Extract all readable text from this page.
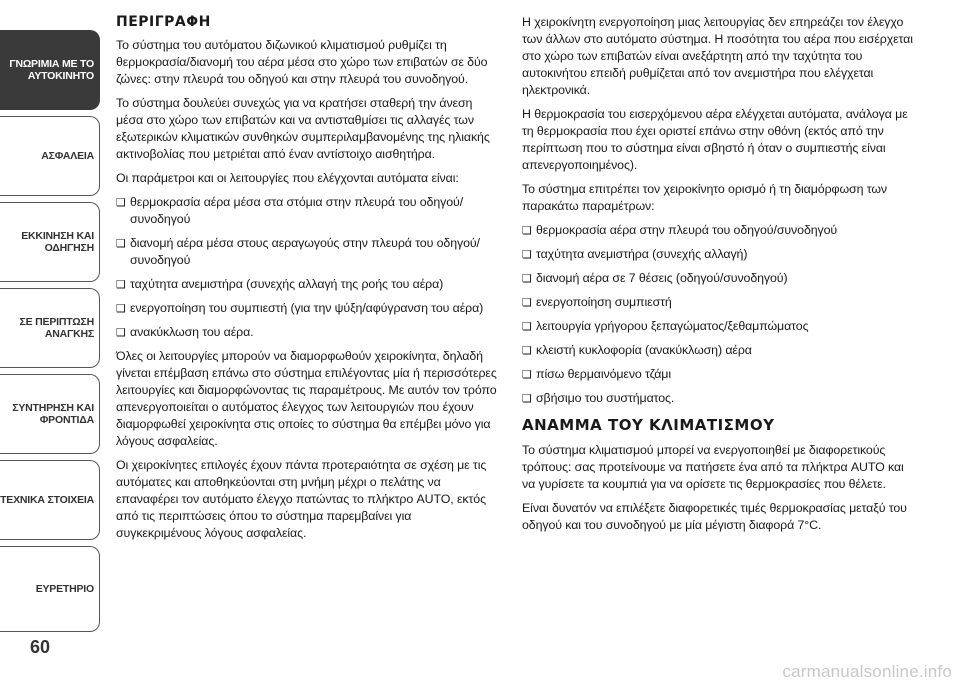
ΓΝΩΡΙΜΙΑ ΜΕ ΤΟ
ΑΥΤΟΚΙΝΗΤΟ
ΑΣΦΑΛΕΙΑ
ΕΚΚΙΝΗΣΗ ΚΑΙ
ΟΔΗΓΗΣΗ
ΣΕ ΠΕΡΙΠΤΩΣΗ
ΑΝΑΓΚΗΣ
ΣΥΝΤΗΡΗΣΗ ΚΑΙ
ΦΡΟΝΤΙΔΑ
ΤΕΧΝΙΚΑ ΣΤΟΙΧΕΙΑ
ΕΥΡΕΤΗΡΙΟ
60
ΠΕΡΙΓΡΑΦΗ

Το σύστημα του αυτόματου διζωνικού κλιματισμού ρυθμίζει τη θερμοκρασία/διανομή του αέρα μέσα στο χώρο των επιβατών σε δύο ζώνες: στην πλευρά του οδηγού και στην πλευρά του συνοδηγού.

Το σύστημα δουλεύει συνεχώς για να κρατήσει σταθερή την άνεση μέσα στο χώρο των επιβατών και να αντισταθμίσει τις αλλαγές των εξωτερικών κλιματικών συνθηκών συμπεριλαμβανομένης της ηλιακής ακτινοβολίας που μετριέται από έναν αντίστοιχο αισθητήρα.

Οι παράμετροι και οι λειτουργίες που ελέγχονται αυτόματα είναι:

❑ θερμοκρασία αέρα μέσα στα στόμια στην πλευρά του οδηγού/ συνοδηγού
❑ διανομή αέρα μέσα στους αεραγωγούς στην πλευρά του οδηγού/συνοδηγού
❑ ταχύτητα ανεμιστήρα (συνεχής αλλαγή της ροής του αέρα)
❑ ενεργοποίηση του συμπιεστή (για την ψύξη/αφύγρανση του αέρα)
❑ ανακύκλωση του αέρα.

Όλες οι λειτουργίες μπορούν να διαμορφωθούν χειροκίνητα, δηλαδή γίνεται επέμβαση επάνω στο σύστημα επιλέγοντας μία ή περισσότερες λειτουργίες και διαμορφώνοντας τις παραμέτρους. Με αυτόν τον τρόπο απενεργοποιείται ο αυτόματος έλεγχος των λειτουργιών που έχουν διαμορφωθεί χειροκίνητα στις οποίες το σύστημα θα επέμβει μόνο για λόγους ασφαλείας.

Οι χειροκίνητες επιλογές έχουν πάντα προτεραιότητα σε σχέση με τις αυτόματες και αποθηκεύονται στη μνήμη μέχρι ο πελάτης να επαναφέρει τον αυτόματο έλεγχο πατώντας το πλήκτρο AUTO, εκτός από τις περιπτώσεις όπου το σύστημα παρεμβαίνει για συγκεκριμένους λόγους ασφαλείας.

Η χειροκίνητη ενεργοποίηση μιας λειτουργίας δεν επηρεάζει τον έλεγχο των άλλων στο αυτόματο σύστημα. Η ποσότητα του αέρα που εισέρχεται στο χώρο των επιβατών είναι ανεξάρτητη από την ταχύτητα του αυτοκινήτου επειδή ρυθμίζεται από τον ανεμιστήρα που ελέγχεται ηλεκτρονικά.

Η θερμοκρασία του εισερχόμενου αέρα ελέγχεται αυτόματα, ανάλογα με τη θερμοκρασία που έχει οριστεί επάνω στην οθόνη (εκτός από την περίπτωση που το σύστημα είναι σβηστό ή όταν ο συμπιεστής είναι απενεργοποιημένος).

Το σύστημα επιτρέπει τον χειροκίνητο ορισμό ή τη διαμόρφωση των παρακάτω παραμέτρων:

❑ θερμοκρασία αέρα στην πλευρά του οδηγού/συνοδηγού
❑ ταχύτητα ανεμιστήρα (συνεχής αλλαγή)
❑ διανομή αέρα σε 7 θέσεις (οδηγού/συνοδηγού)
❑ ενεργοποίηση συμπιεστή
❑ λειτουργία γρήγορου ξεπαγώματος/ξεθαμπώματος
❑ κλειστή κυκλοφορία (ανακύκλωση) αέρα
❑ πίσω θερμαινόμενο τζάμι
❑ σβήσιμο του συστήματος.
ΑΝΑΜΜΑ ΤΟΥ ΚΛΙΜΑΤΙΣΜΟΥ

Το σύστημα κλιματισμού μπορεί να ενεργοποιηθεί με διαφορετικούς τρόπους: σας προτείνουμε να πατήσετε ένα από τα πλήκτρα AUTO και να γυρίσετε τα κουμπιά για να ορίσετε τις θερμοκρασίες που θέλετε.

Είναι δυνατόν να επιλέξετε διαφορετικές τιμές θερμοκρασίας μεταξύ του οδηγού και του συνοδηγού με μία μέγιστη διαφορά 7°C.

carmanualsonline.info
